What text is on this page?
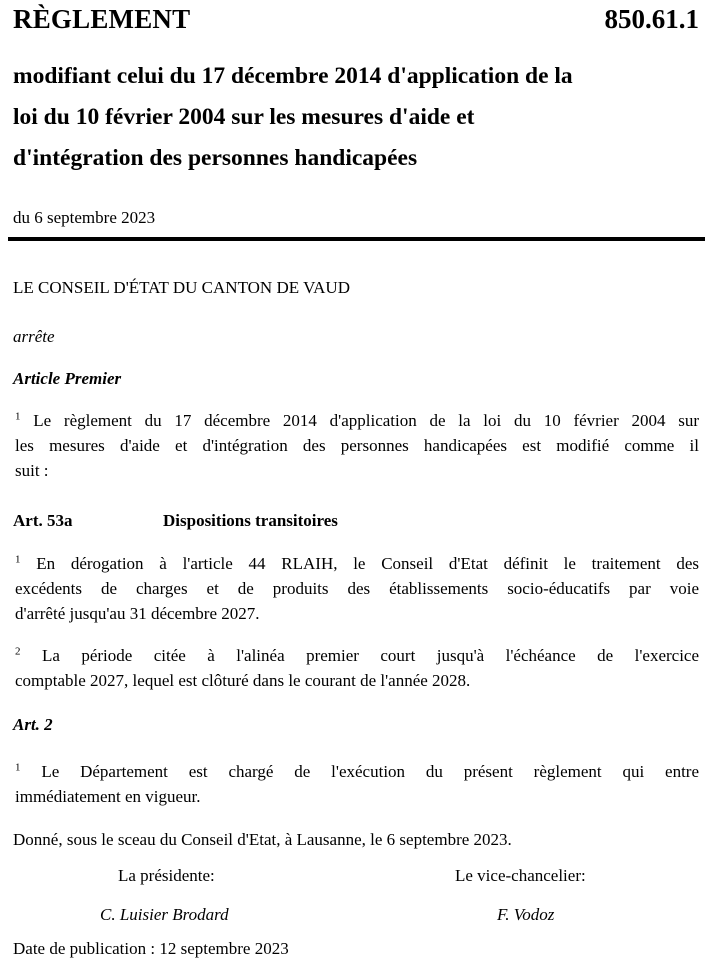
RÈGLEMENT	850.61.1
modifiant celui du 17 décembre 2014 d'application de la
loi du 10 février 2004 sur les mesures d'aide et
d'intégration des personnes handicapées
du 6 septembre 2023
LE CONSEIL D'ÉTAT DU CANTON DE VAUD
arrête
Article Premier
$^1$ Le règlement du 17 décembre 2014 d'application de la loi du 10 février 2004 sur
les mesures d'aide et d'intégration des personnes handicapées est modifié comme il
suit :
Art. 53a	Dispositions transitoires
$^1$ En dérogation à l'article 44 RLAIH, le Conseil d'Etat définit le traitement des
excédents de charges et de produits des établissements socio-éducatifs par voie
d'arrêté jusqu'au 31 décembre 2027.
$^2$ La période citée à l'alinéa premier court jusqu'à l'échéance de l'exercice
comptable 2027, lequel est clôturé dans le courant de l'année 2028.
Art. 2
$^1$ Le Département est chargé de l'exécution du présent règlement qui entre
immédiatement en vigueur.
Donné, sous le sceau du Conseil d'Etat, à Lausanne, le 6 septembre 2023.
La présidente:	Le vice-chancelier:
C. Luisier Brodard	F. Vodoz
Date de publication : 12 septembre 2023
